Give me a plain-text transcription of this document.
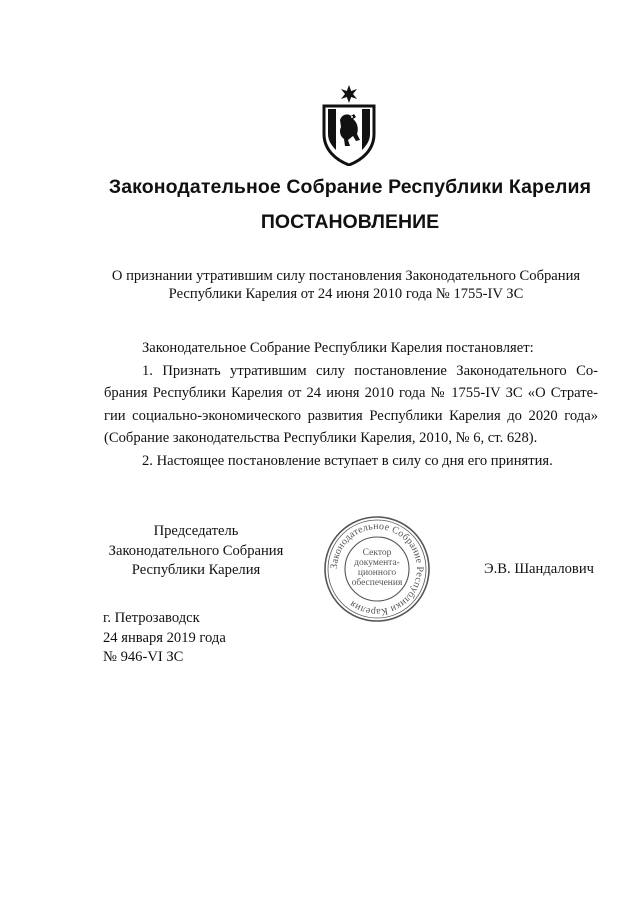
Законодательное Собрание Республики Карелия
ПОСТАНОВЛЕНИЕ
О признании утратившим силу постановления Законодательного Собрания
Республики Карелия от 24 июня 2010 года № 1755-IV ЗС

Законодательное Собрание Республики Карелия постановляет:

1. Признать утратившим силу постановление Законодательного Со-
брания Республики Карелия от 24 июня 2010 года № 1755-IV ЗС «О Страте-
гии социально-экономического развития Республики Карелия до 2020 года»
(Собрание законодательства Республики Карелия, 2010, № 6, ст. 628).

2. Настоящее постановление вступает в силу со дня его принятия.

Председатель
Законодательного Собрания
Республики Карелия	Законодательное Собрание Республики Карелия
Сектор
документа-
ционного
обеспечения
Э.В. Шандалович
г. Петрозаводск
24 января 2019 года
№ 946-VI ЗС
